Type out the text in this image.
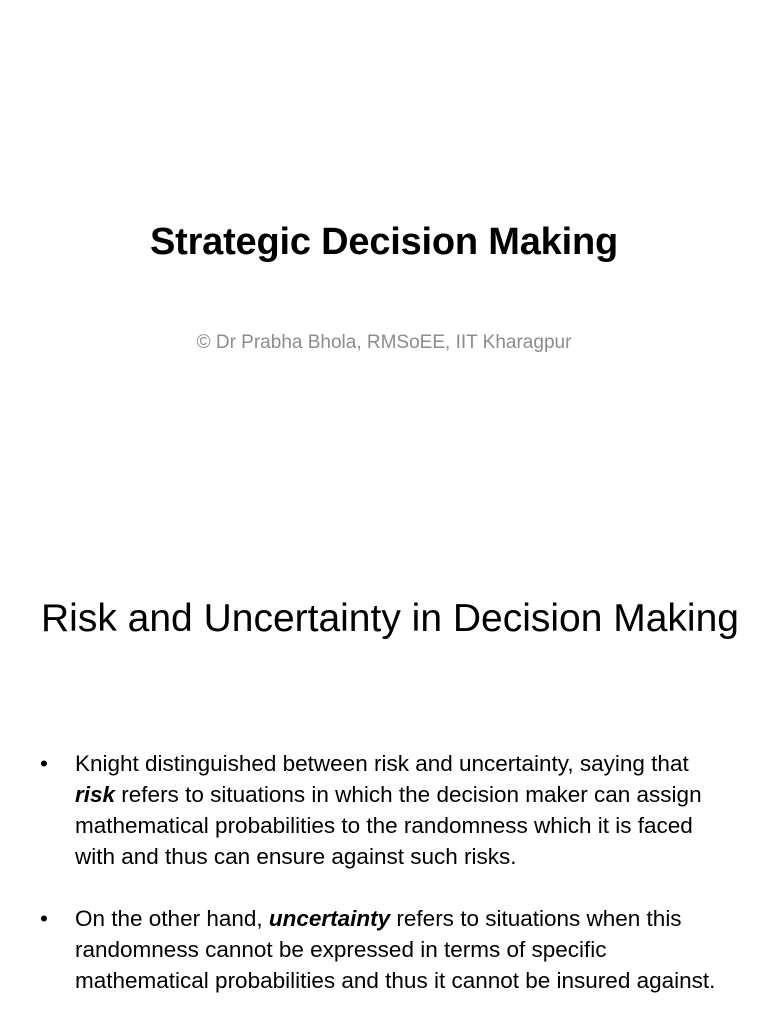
Strategic Decision Making
© Dr Prabha Bhola, RMSoEE, IIT Kharagpur
Risk and Uncertainty in Decision Making
•	Knight distinguished between risk and uncertainty, saying that risk refers to situations in which the decision maker can assign mathematical probabilities to the randomness which it is faced with and thus can ensure against such risks.
•	On the other hand, uncertainty refers to situations when this randomness cannot be expressed in terms of specific mathematical probabilities and thus it cannot be insured against.
